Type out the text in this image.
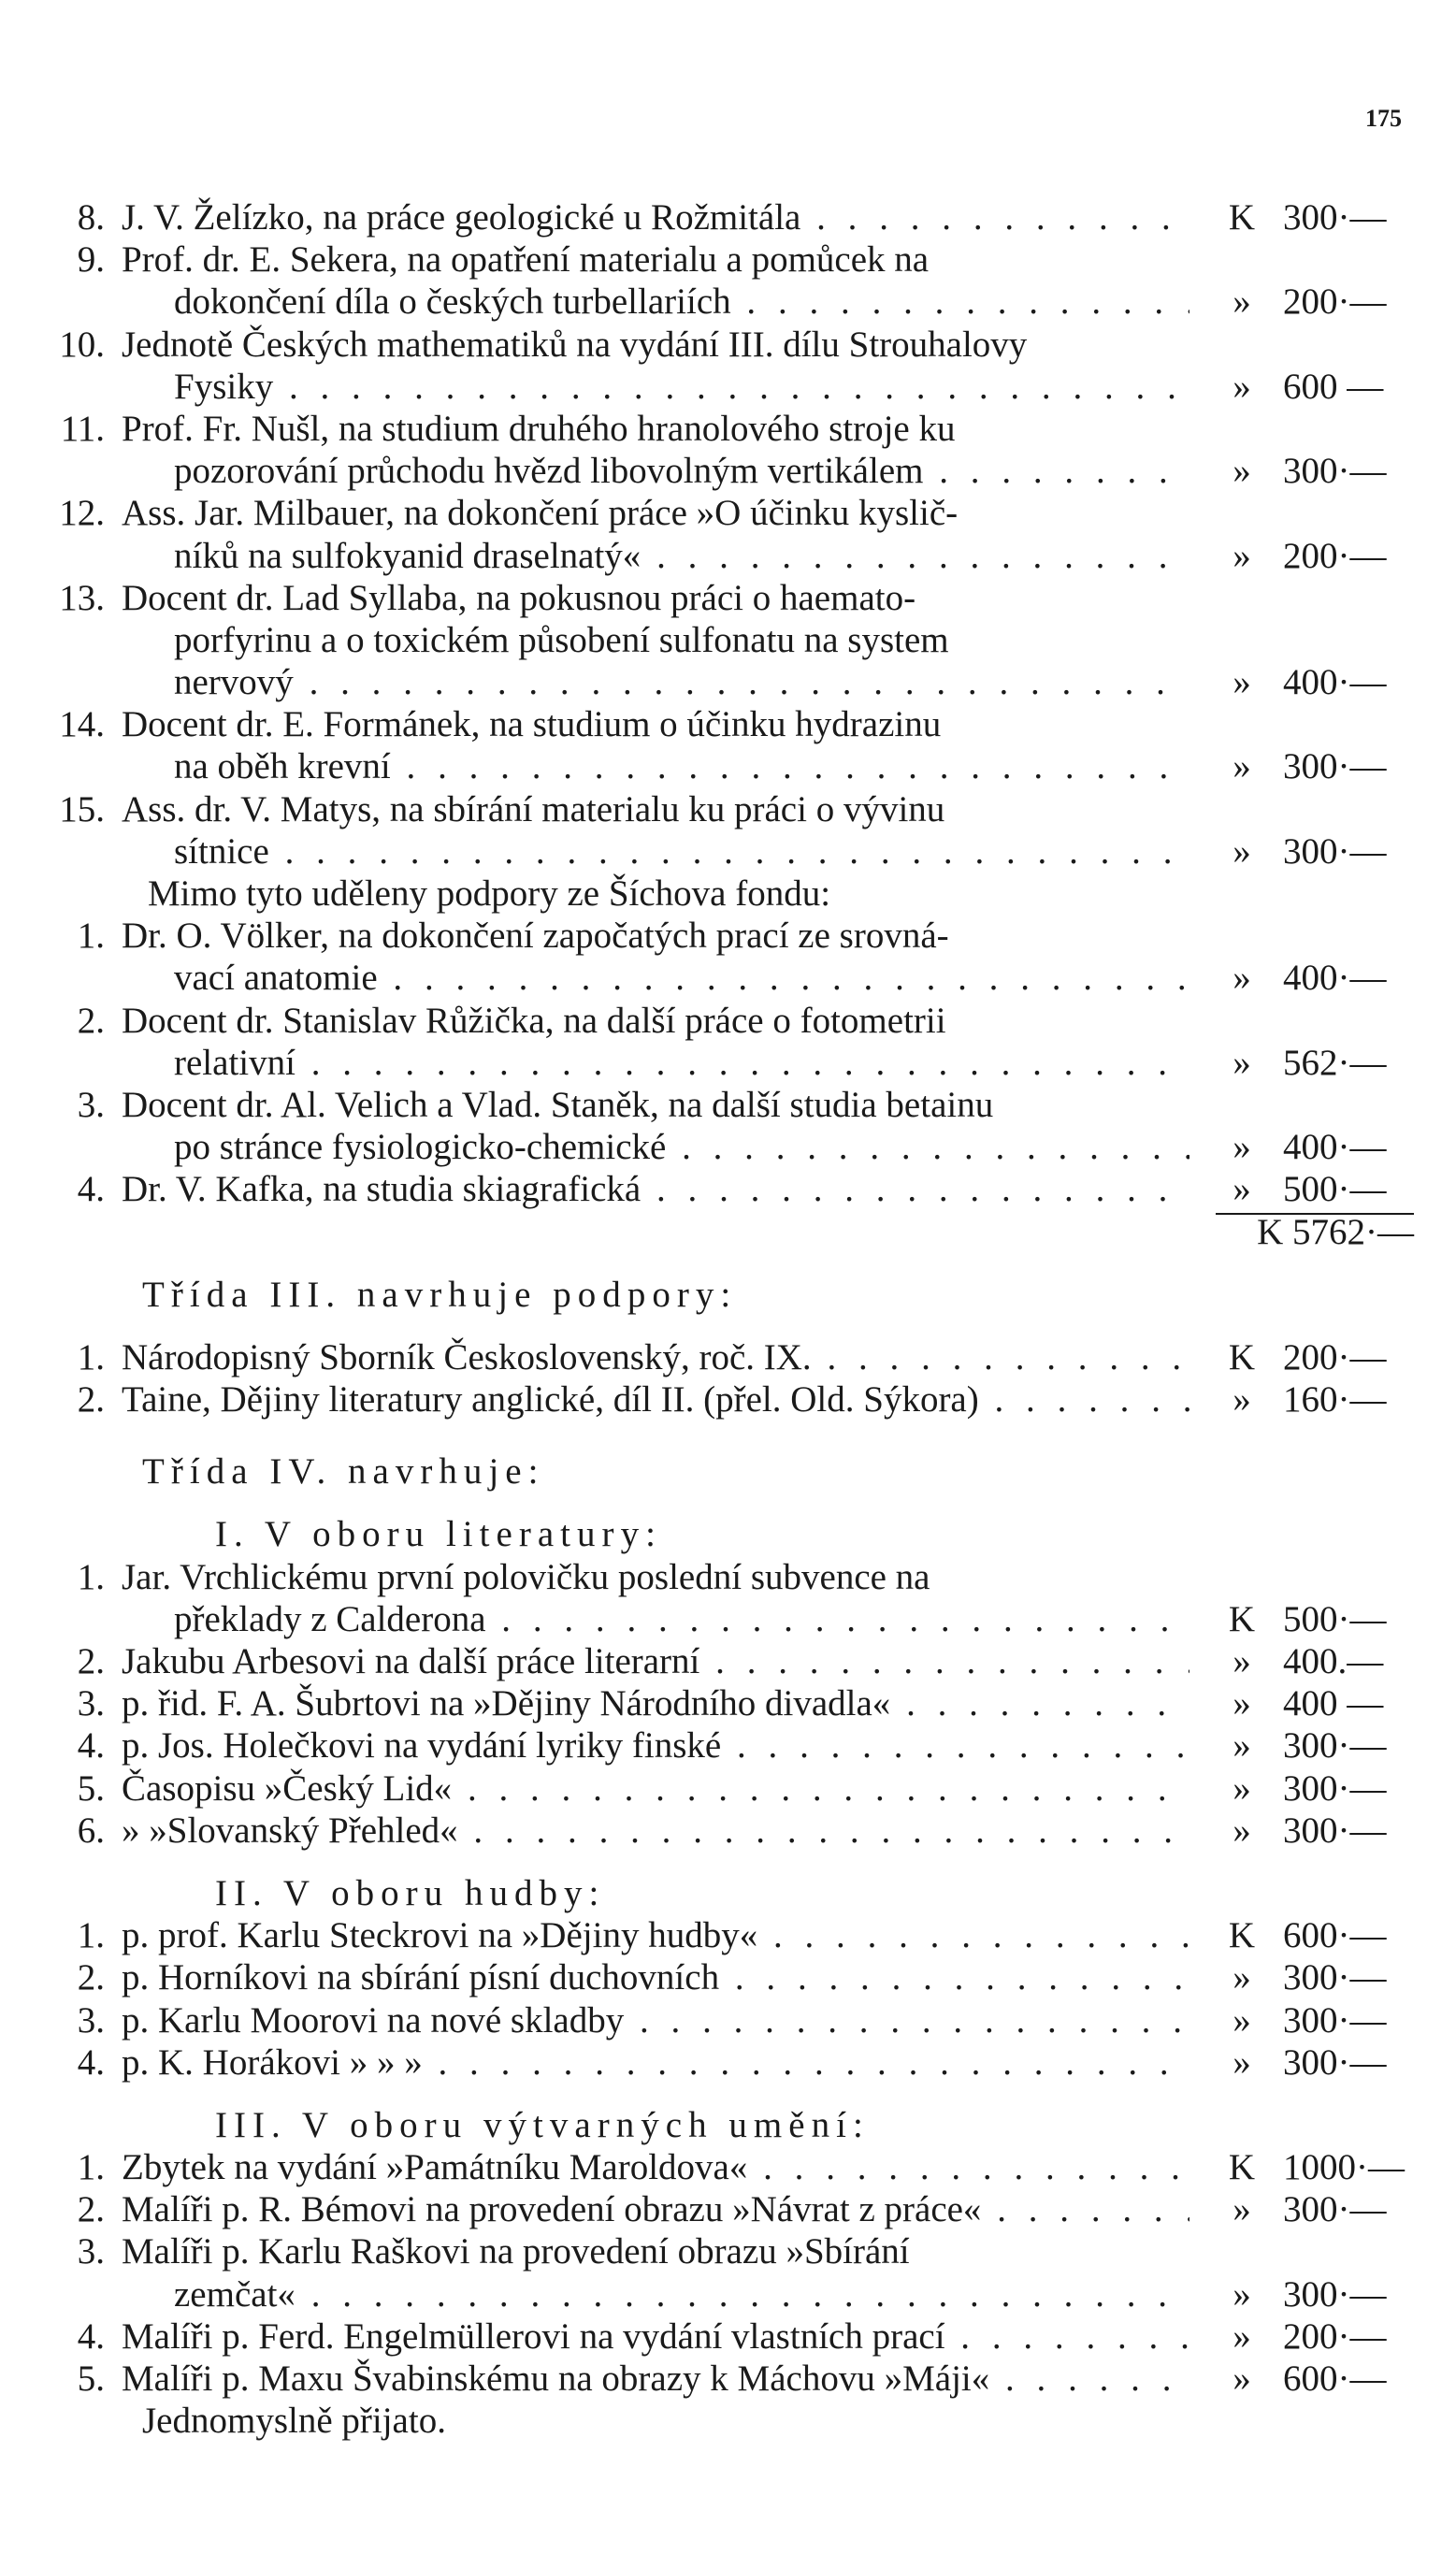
175
8. J. V. Želízko, na práce geologické u Rožmitála . . .	K 300·—
9. Prof. dr. E. Sekera, na opatření materialu a pomůcek na
dokončení díla o českých turbellariích . . .	» 200·—
10. Jednotě Českých mathematiků na vydání III. dílu Strouhalovy
Fysiky . . .	» 600 —
11. Prof. Fr. Nušl, na studium druhého hranolového stroje ku
pozorování průchodu hvězd libovolným vertikálem . . .	» 300·—
12. Ass. Jar. Milbauer, na dokončení práce »O účinku kyslič-
níků na sulfokyanid draselnatý« . . .	» 200·—
13. Docent dr. Lad Syllaba, na pokusnou práci o haemato-
porfyrinu a o toxickém působení sulfonatu na system
nervový . . .	» 400·—
14. Docent dr. E. Formánek, na studium o účinku hydrazinu
na oběh krevní . . .	» 300·—
15. Ass. dr. V. Matys, na sbírání materialu ku práci o vývinu
sítnice . . .	» 300·—
Mimo tyto uděleny podpory ze Šíchova fondu:
1. Dr. O. Völker, na dokončení započatých prací ze srovná-
vací anatomie . . .	» 400·—
2. Docent dr. Stanislav Růžička, na další práce o fotometrii
relativní . . .	» 562·—
3. Docent dr. Al. Velich a Vlad. Staněk, na další studia betainu
po stránce fysiologicko-chemické . . .	» 400·—
4. Dr. V. Kafka, na studia skiagrafická . . .	» 500·—
K 5762·—
Třída III. navrhuje podpory:
1. Národopisný Sborník Československý, roč. IX. . . .	K 200·—
2. Taine, Dějiny literatury anglické, díl II. (přel. Old. Sýkora) . . .	» 160·—
Třída IV. navrhuje:
I. V oboru literatury:
1. Jar. Vrchlickému první polovičku poslední subvence na
překlady z Calderona . . .	K 500·—
2. Jakubu Arbesovi na další práce literarní . . .	» 400.—
3. p. řid. F. A. Šubrtovi na »Dějiny Národního divadla« . . .	» 400 —
4. p. Jos. Holečkovi na vydání lyriky finské . . .	» 300·—
5. Časopisu »Český Lid« . . .	» 300·—
6. » »Slovanský Přehled« . . .	» 300·—
II. V oboru hudby:
1. p. prof. Karlu Steckrovi na »Dějiny hudby« . . .	K 600·—
2. p. Horníkovi na sbírání písní duchovních . . .	» 300·—
3. p. Karlu Moorovi na nové skladby . . .	» 300·—
4. p. K. Horákovi » » » . . .	» 300·—
III. V oboru výtvarných umění:
1. Zbytek na vydání »Památníku Maroldova« . . .	K 1000·—
2. Malíři p. R. Bémovi na provedení obrazu »Návrat z práce« . . .	» 300·—
3. Malíři p. Karlu Raškovi na provedení obrazu »Sbírání
zemčat« . . .	» 300·—
4. Malíři p. Ferd. Engelmüllerovi na vydání vlastních prací . . .	» 200·—
5. Malíři p. Maxu Švabinskému na obrazy k Máchovu »Máji« . . .	» 600·—
Jednomyslně přijato.
